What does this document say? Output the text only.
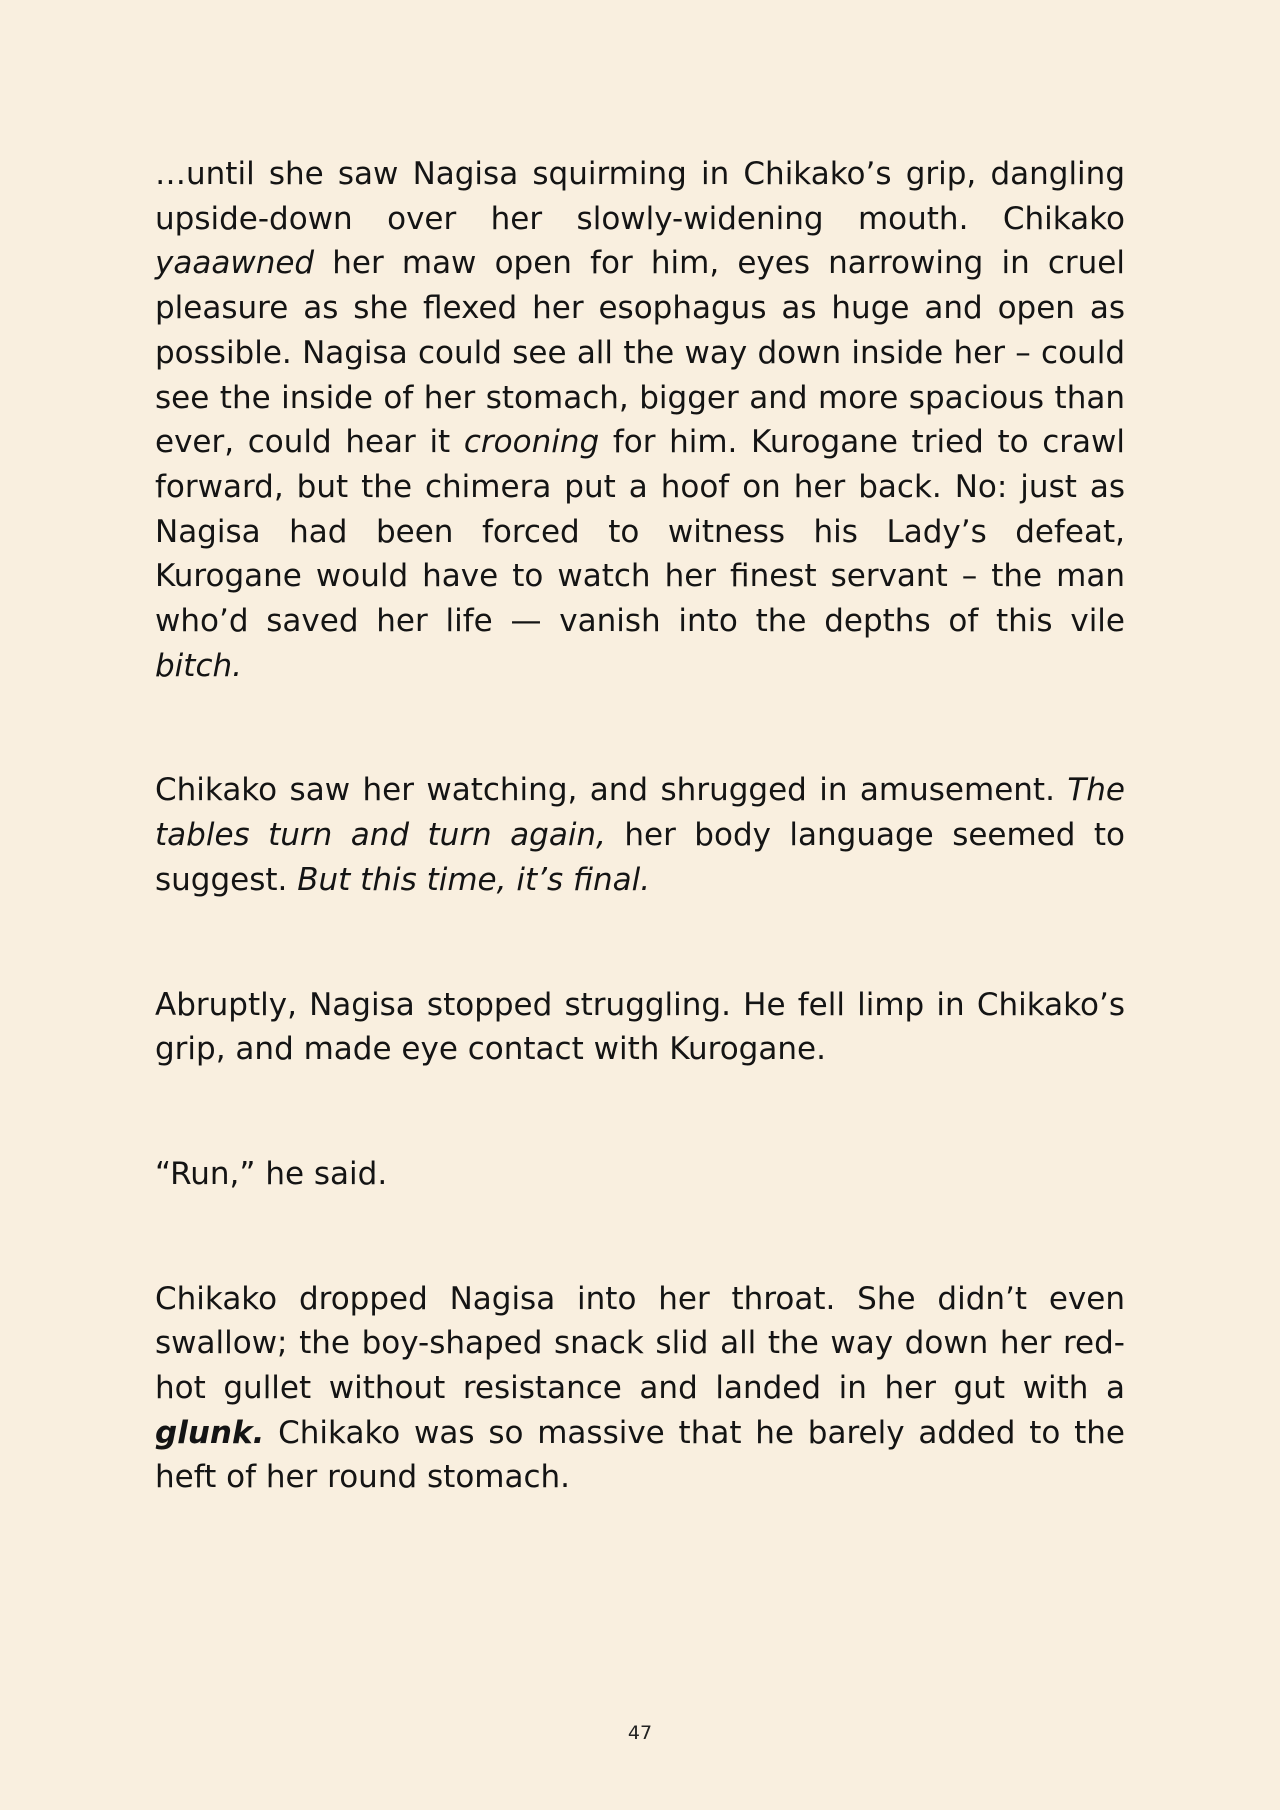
…until she saw Nagisa squirming in Chikako’s grip, dangling upside-down over her slowly-widening mouth. Chikako yaaawned her maw open for him, eyes narrowing in cruel pleasure as she flexed her esophagus as huge and open as possible. Nagisa could see all the way down inside her – could see the inside of her stomach, bigger and more spacious than ever, could hear it crooning for him. Kurogane tried to crawl forward, but the chimera put a hoof on her back. No: just as Nagisa had been forced to witness his Lady’s defeat, Kurogane would have to watch her finest servant – the man who’d saved her life — vanish into the depths of this vile bitch.

Chikako saw her watching, and shrugged in amusement. The tables turn and turn again, her body language seemed to suggest. But this time, it’s final.

Abruptly, Nagisa stopped struggling. He fell limp in Chikako’s grip, and made eye contact with Kurogane.

“Run,” he said.

Chikako dropped Nagisa into her throat. She didn’t even swallow; the boy-shaped snack slid all the way down her red-hot gullet without resistance and landed in her gut with a glunk. Chikako was so massive that he barely added to the heft of her round stomach.

47
